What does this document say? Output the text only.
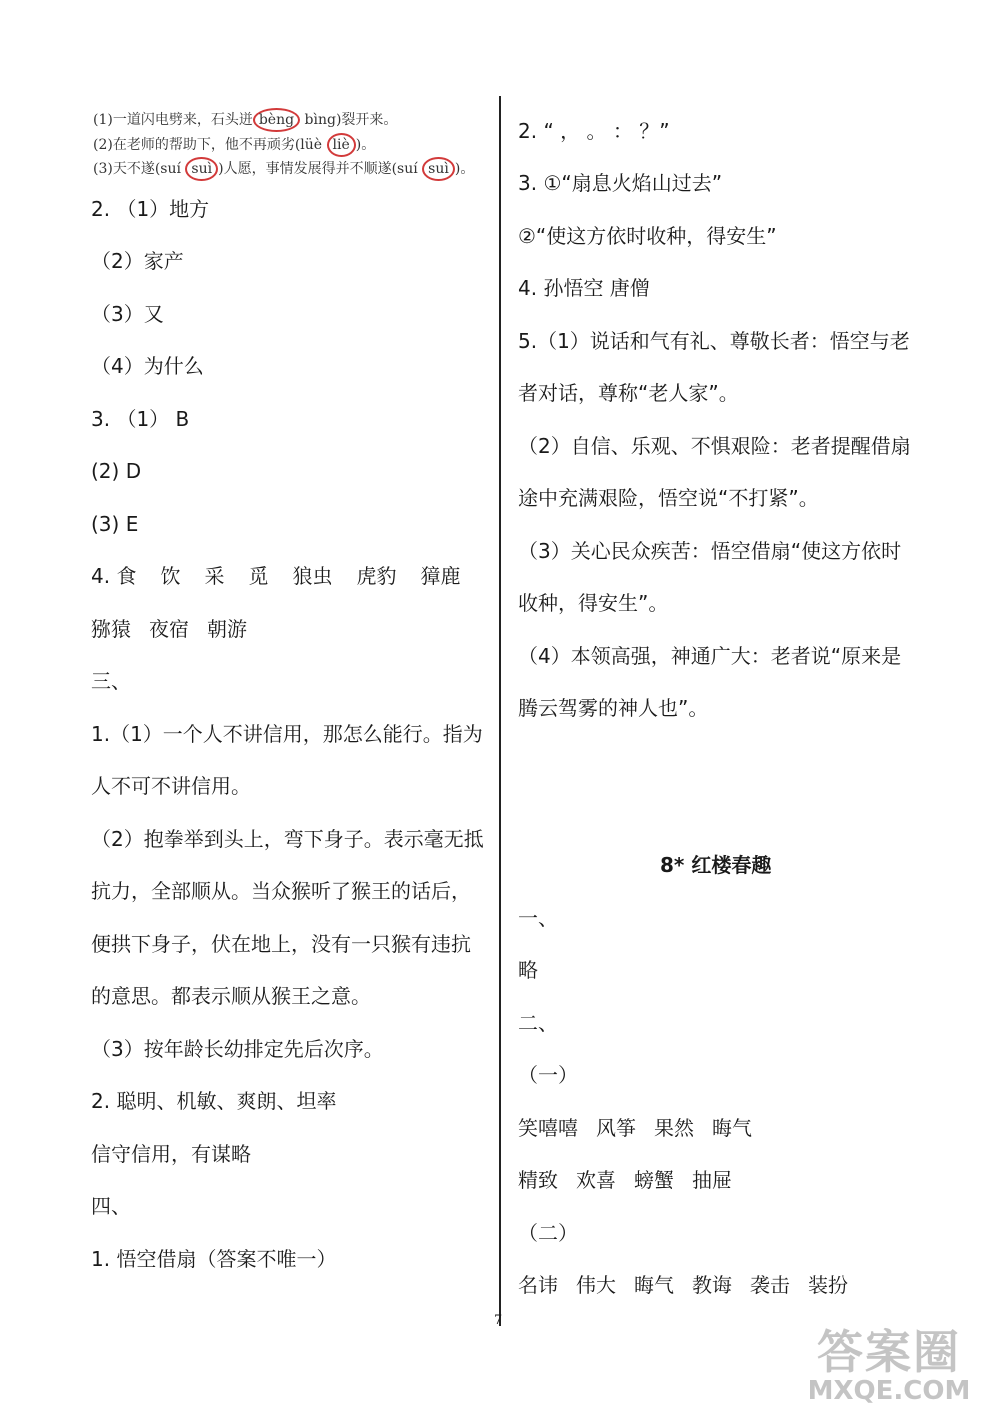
(1)一道闪电劈来，石头迸 bèng bìng)裂开来。
(2)在老师的帮助下，他不再顽劣(lüè liè )。
(3)天不遂(suí suì )人愿，事情发展得并不顺遂(suí suì )。
2. （1）地方
（2）家产
（3）又
（4）为什么
3. （1） B
(2) D
(3) E
4. 食 饮 采 觅 狼虫 虎豹 獐鹿
猕猿 夜宿 朝游
三、
1.（1）一个人不讲信用，那怎么能行。指为
人不可不讲信用。
（2）抱拳举到头上，弯下身子。表示毫无抵
抗力，全部顺从。当众猴听了猴王的话后，
便拱下身子，伏在地上，没有一只猴有违抗
的意思。都表示顺从猴王之意。
（3）按年龄长幼排定先后次序。
2. 聪明、机敏、爽朗、坦率
信守信用，有谋略
四、
1. 悟空借扇（答案不唯一）
2. “ ， 。 ： ？”
3. ①“扇息火焰山过去”
②“使这方依时收种，得安生”
4. 孙悟空 唐僧
5.（1）说话和气有礼、尊敬长者：悟空与老
者对话，尊称“老人家”。
（2）自信、乐观、不惧艰险：老者提醒借扇
途中充满艰险，悟空说“不打紧”。
（3）关心民众疾苦：悟空借扇“使这方依时
收种，得安生”。
（4）本领高强，神通广大：老者说“原来是
腾云驾雾的神人也”。
8* 红楼春趣
一、
略
二、
（一）
笑嘻嘻 风筝 果然 晦气
精致 欢喜 螃蟹 抽屉
（二）
名讳 伟大 晦气 教诲 袭击 装扮
7
答案圈
MXQE.COM
